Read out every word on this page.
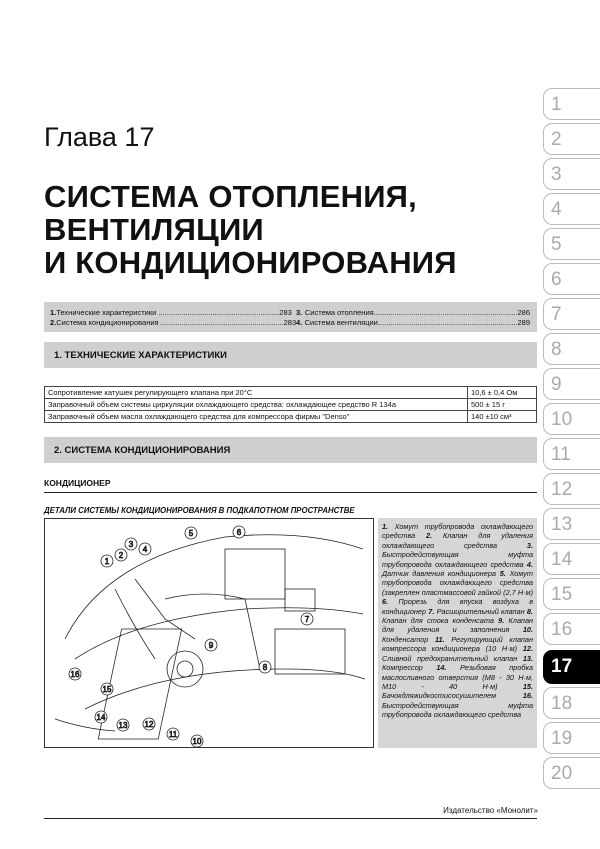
Глава 17
СИСТЕМА ОТОПЛЕНИЯ,
ВЕНТИЛЯЦИИ
И КОНДИЦИОНИРОВАНИЯ
1. Технические характеристики .......................................................... 283
2. Система кондиционирования ........................................................... 283
3. Система отопления..................................................................... 286
4. Система вентиляции................................................................... 289
1. ТЕХНИЧЕСКИЕ ХАРАКТЕРИСТИКИ
Сопротивление катушек регулирующего клапана при 20°С	10,6 ± 0,4 Ом
Заправочный объем системы циркуляции охлаждающего средства: охлаждающее средство R 134a	500 ± 15 г
Заправочный объем масла охлаждающего средства для компрессора фирмы "Denso"	140 ±10 см³
2. СИСТЕМА КОНДИЦИОНИРОВАНИЯ
КОНДИЦИОНЕР
ДЕТАЛИ СИСТЕМЫ КОНДИЦИОНИРОВАНИЯ В ПОДКАПОТНОМ ПРОСТРАНСТВЕ
1
2
3
4
5	6
7
8
9
10
11
12
13
14
15
16
1. Хомут трубопровода охлаждающего средства 2. Клапан для удаления охлаждающего средства	3. Быстродействующая муфта трубопровода охлаждающего средства 4. Датчик давления кондиционера 5. Хомут трубопровода охлаждающего средства (закреплен пластмассовой гайкой (2,7 Н·м) 6. Прорезь для впуска воздуха в кондиционер 7. Расширительный клапан 8. Клапан для стока конденсата 9. Клапан для удаления и заполнения 10. Конденсатор 11. Регулирующий клапан компрессора кондиционера (10 Н·м) 12. Сливной предохранительный клапан 13. Компрессор 14. Резьбовая пробка маслосливного отверстия (М8 - 30 Н·м, М10 - 40 Н·м)	15. Бачокдляжидкостисосушителем	16. Быстродействующая муфта трубопровода охлаждающего средства
Издательство «Монолит»
1
2
3
4
5
6
7
8
9
10
11
12
13
14
15
16
17
18
19
20
